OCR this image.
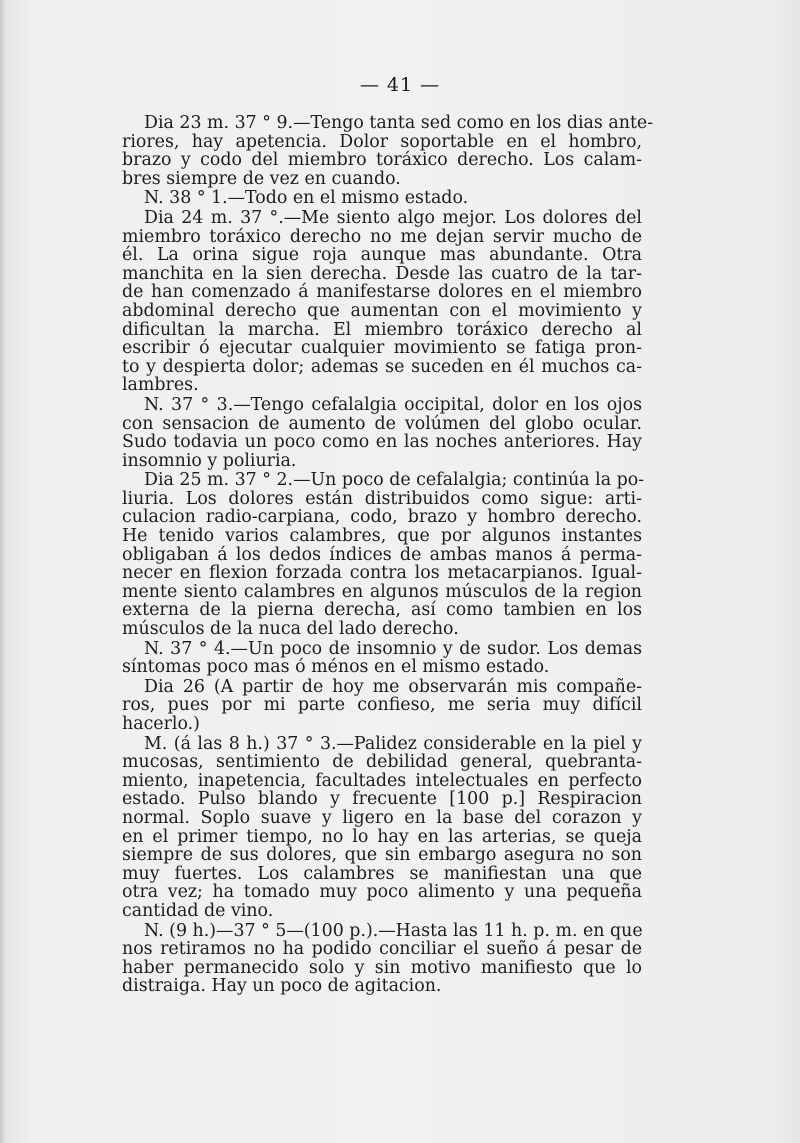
— 41 —
Dia 23 m. 37 ° 9.—Tengo tanta sed como en los dias ante-
riores, hay apetencia. Dolor soportable en el hombro,
brazo y codo del miembro toráxico derecho. Los calam-
bres siempre de vez en cuando.
N. 38 ° 1.—Todo en el mismo estado.
Dia 24 m. 37 °.—Me siento algo mejor. Los dolores del
miembro toráxico derecho no me dejan servir mucho de
él. La orina sigue roja aunque mas abundante. Otra
manchita en la sien derecha. Desde las cuatro de la tar-
de han comenzado á manifestarse dolores en el miembro
abdominal derecho que aumentan con el movimiento y
dificultan la marcha. El miembro toráxico derecho al
escribir ó ejecutar cualquier movimiento se fatiga pron-
to y despierta dolor; ademas se suceden en él muchos ca-
lambres.
N. 37 ° 3.—Tengo cefalalgia occipital, dolor en los ojos
con sensacion de aumento de volúmen del globo ocular.
Sudo todavia un poco como en las noches anteriores. Hay
insomnio y poliuria.
Dia 25 m. 37 ° 2.—Un poco de cefalalgia; continúa la po-
liuria. Los dolores están distribuidos como sigue: arti-
culacion radio-carpiana, codo, brazo y hombro derecho.
He tenido varios calambres, que por algunos instantes
obligaban á los dedos índices de ambas manos á perma-
necer en flexion forzada contra los metacarpianos. Igual-
mente siento calambres en algunos músculos de la region
externa de la pierna derecha, así como tambien en los
músculos de la nuca del lado derecho.
N. 37 ° 4.—Un poco de insomnio y de sudor. Los demas
síntomas poco mas ó ménos en el mismo estado.
Dia 26 (A partir de hoy me observarán mis compañe-
ros, pues por mi parte confieso, me seria muy difícil
hacerlo.)
M. (á las 8 h.) 37 ° 3.—Palidez considerable en la piel y
mucosas, sentimiento de debilidad general, quebranta-
miento, inapetencia, facultades intelectuales en perfecto
estado. Pulso blando y frecuente [100 p.] Respiracion
normal. Soplo suave y ligero en la base del corazon y
en el primer tiempo, no lo hay en las arterias, se queja
siempre de sus dolores, que sin embargo asegura no son
muy fuertes. Los calambres se manifiestan una que
otra vez; ha tomado muy poco alimento y una pequeña
cantidad de vino.
N. (9 h.)—37 ° 5—(100 p.).—Hasta las 11 h. p. m. en que
nos retiramos no ha podido conciliar el sueño á pesar de
haber permanecido solo y sin motivo manifiesto que lo
distraiga. Hay un poco de agitacion.
